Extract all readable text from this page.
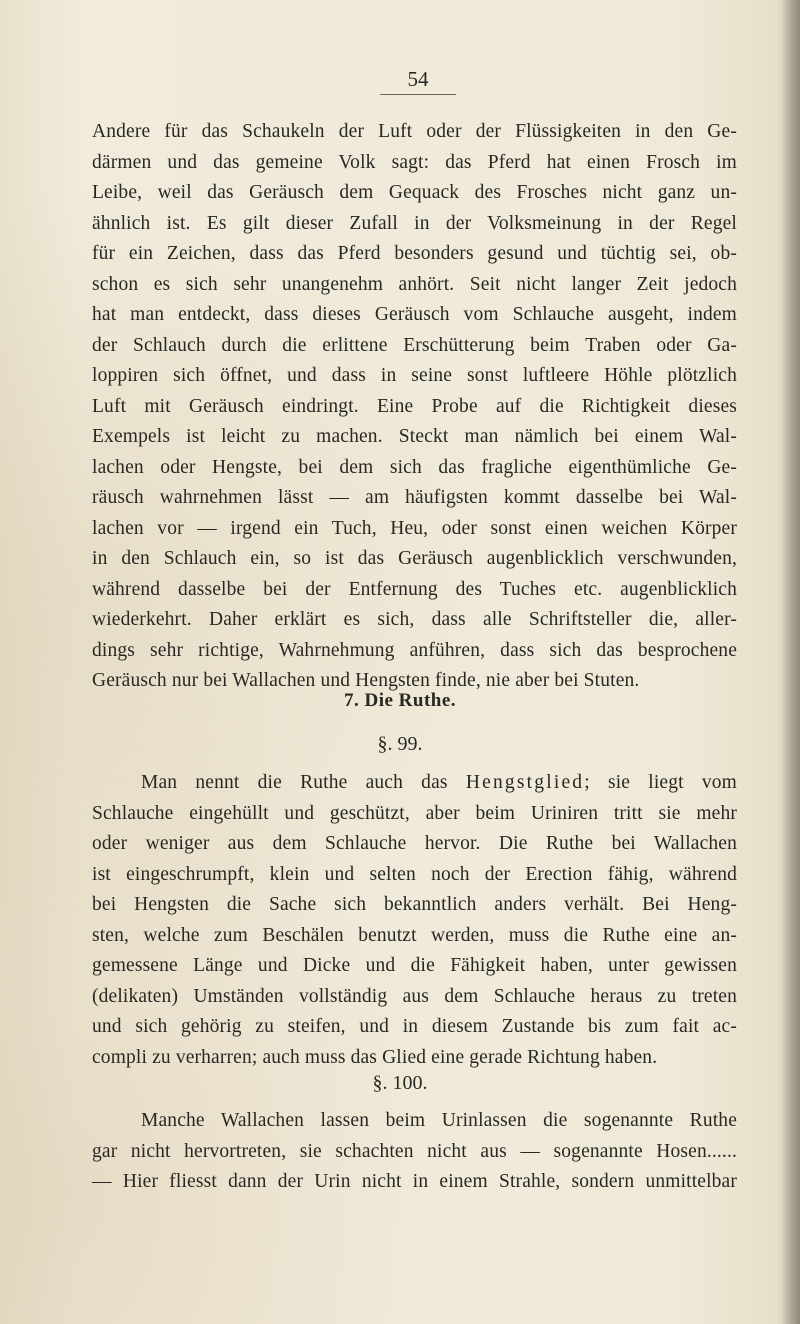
54
Andere für das Schaukeln der Luft oder der Flüssigkeiten in den Ge-
därmen und das gemeine Volk sagt: das Pferd hat einen Frosch im
Leibe, weil das Geräusch dem Gequack des Frosches nicht ganz un-
ähnlich ist. Es gilt dieser Zufall in der Volksmeinung in der Regel
für ein Zeichen, dass das Pferd besonders gesund und tüchtig sei, ob-
schon es sich sehr unangenehm anhört. Seit nicht langer Zeit jedoch
hat man entdeckt, dass dieses Geräusch vom Schlauche ausgeht, indem
der Schlauch durch die erlittene Erschütterung beim Traben oder Ga-
loppiren sich öffnet, und dass in seine sonst luftleere Höhle plötzlich
Luft mit Geräusch eindringt. Eine Probe auf die Richtigkeit dieses
Exempels ist leicht zu machen. Steckt man nämlich bei einem Wal-
lachen oder Hengste, bei dem sich das fragliche eigenthümliche Ge-
räusch wahrnehmen lässt — am häufigsten kommt dasselbe bei Wal-
lachen vor — irgend ein Tuch, Heu, oder sonst einen weichen Körper
in den Schlauch ein, so ist das Geräusch augenblicklich verschwunden,
während dasselbe bei der Entfernung des Tuches etc. augenblicklich
wiederkehrt. Daher erklärt es sich, dass alle Schriftsteller die, aller-
dings sehr richtige, Wahrnehmung anführen, dass sich das besprochene
Geräusch nur bei Wallachen und Hengsten finde, nie aber bei Stuten.
7. Die Ruthe.
§. 99.
Man nennt die Ruthe auch das Hengstglied; sie liegt vom
Schlauche eingehüllt und geschützt, aber beim Uriniren tritt sie mehr
oder weniger aus dem Schlauche hervor. Die Ruthe bei Wallachen
ist eingeschrumpft, klein und selten noch der Erection fähig, während
bei Hengsten die Sache sich bekanntlich anders verhält. Bei Heng-
sten, welche zum Beschälen benutzt werden, muss die Ruthe eine an-
gemessene Länge und Dicke und die Fähigkeit haben, unter gewissen
(delikaten) Umständen vollständig aus dem Schlauche heraus zu treten
und sich gehörig zu steifen, und in diesem Zustande bis zum fait ac-
compli zu verharren; auch muss das Glied eine gerade Richtung haben.
§. 100.
Manche Wallachen lassen beim Urinlassen die sogenannte Ruthe
gar nicht hervortreten, sie schachten nicht aus — sogenannte Hosen......
— Hier fliesst dann der Urin nicht in einem Strahle, sondern unmittelbar
